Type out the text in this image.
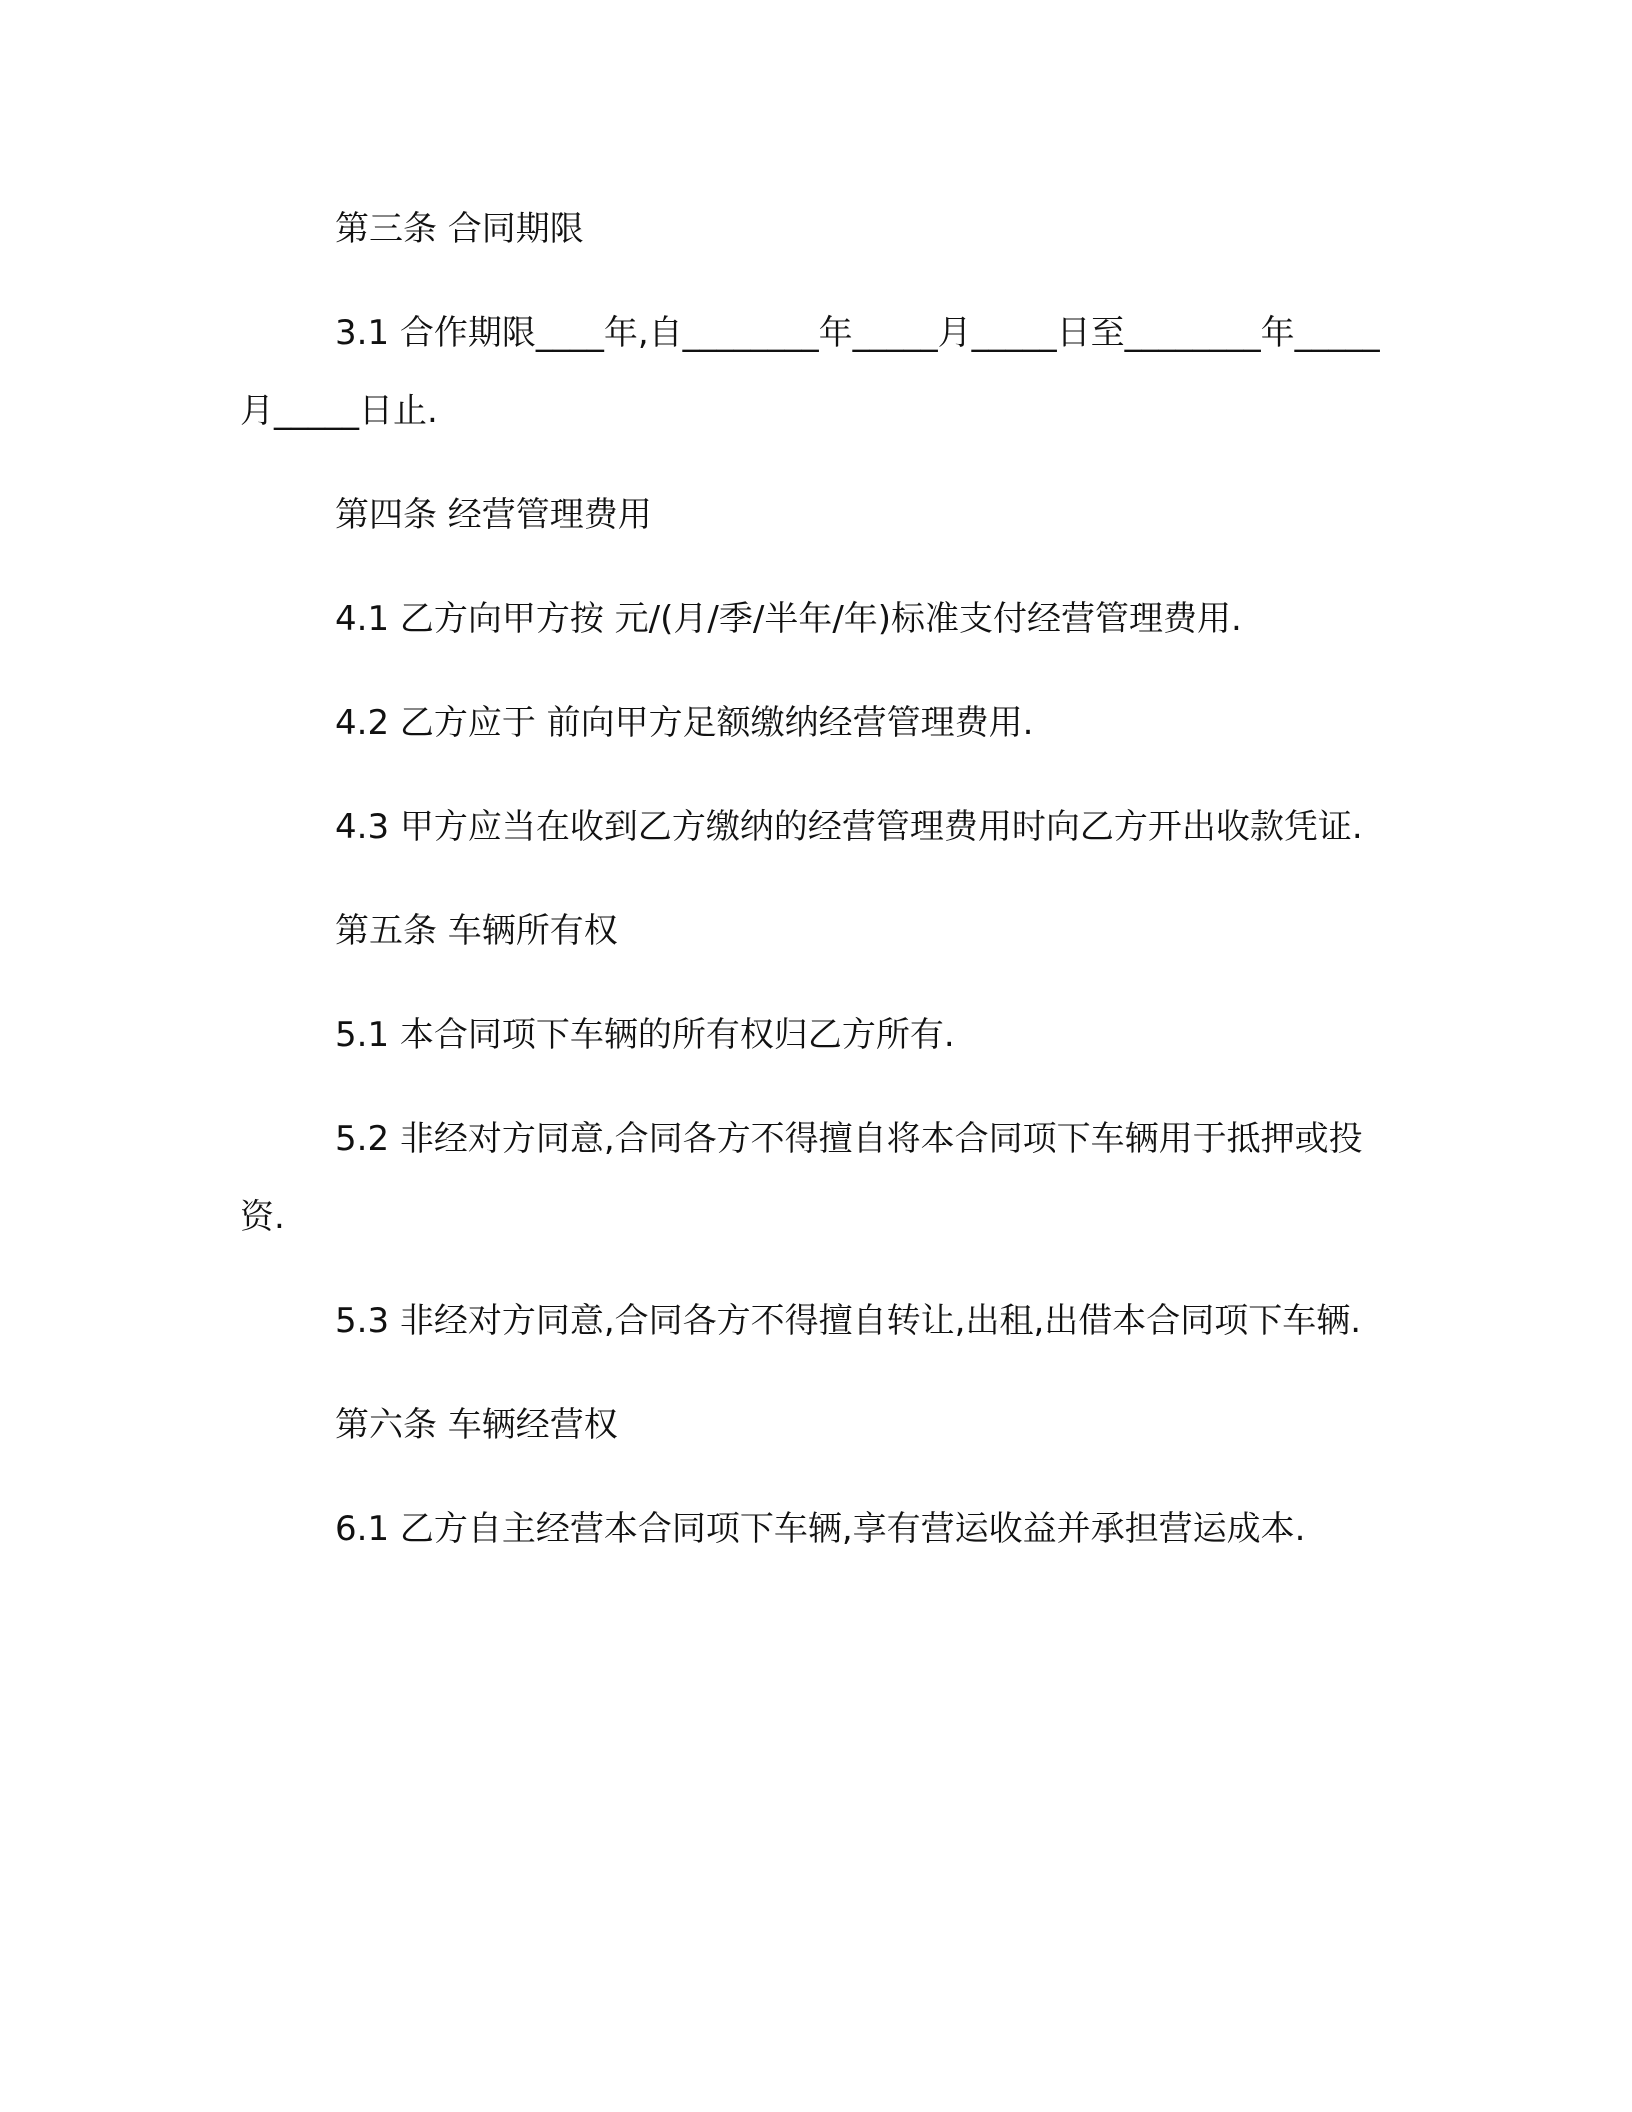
第三条 合同期限

3.1 合作期限____年,自________年_____月_____日至________年_____月_____日止.

第四条 经营管理费用

4.1 乙方向甲方按 元/(月/季/半年/年)标准支付经营管理费用.

4.2 乙方应于 前向甲方足额缴纳经营管理费用.

4.3 甲方应当在收到乙方缴纳的经营管理费用时向乙方开出收款凭证.

第五条 车辆所有权

5.1 本合同项下车辆的所有权归乙方所有.

5.2 非经对方同意,合同各方不得擅自将本合同项下车辆用于抵押或投资.

5.3 非经对方同意,合同各方不得擅自转让,出租,出借本合同项下车辆.

第六条 车辆经营权

6.1 乙方自主经营本合同项下车辆,享有营运收益并承担营运成本.
